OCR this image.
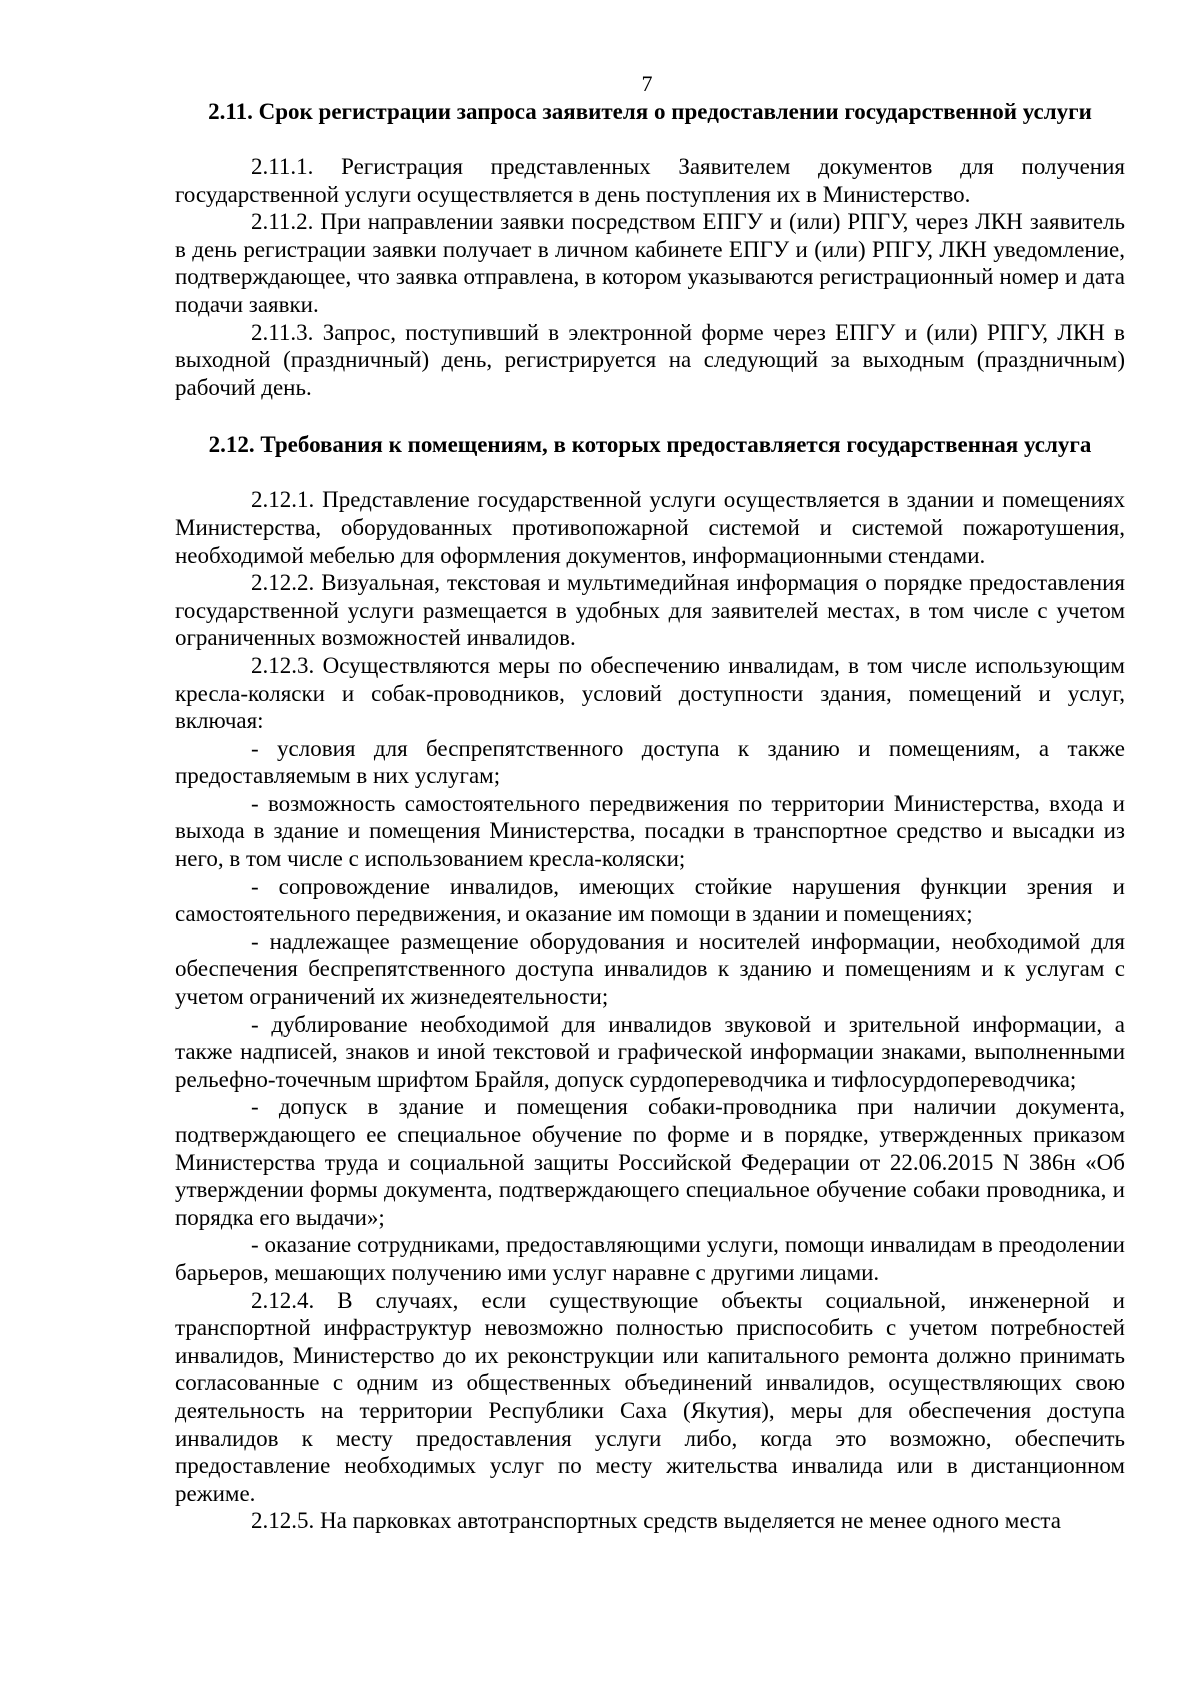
7
2.11. Срок регистрации запроса заявителя о предоставлении государственной услуги

2.11.1. Регистрация представленных Заявителем документов для получения государственной услуги осуществляется в день поступления их в Министерство.

2.11.2. При направлении заявки посредством ЕПГУ и (или) РПГУ, через ЛКН заявитель в день регистрации заявки получает в личном кабинете ЕПГУ и (или) РПГУ, ЛКН уведомление, подтверждающее, что заявка отправлена, в котором указываются регистрационный номер и дата подачи заявки.

2.11.3. Запрос, поступивший в электронной форме через ЕПГУ и (или) РПГУ, ЛКН в выходной (праздничный) день, регистрируется на следующий за выходным (праздничным) рабочий день.

2.12. Требования к помещениям, в которых предоставляется государственная услуга

2.12.1. Представление государственной услуги осуществляется в здании и помещениях Министерства, оборудованных противопожарной системой и системой пожаротушения, необходимой мебелью для оформления документов, информационными стендами.

2.12.2. Визуальная, текстовая и мультимедийная информация о порядке предоставления государственной услуги размещается в удобных для заявителей местах, в том числе с учетом ограниченных возможностей инвалидов.

2.12.3. Осуществляются меры по обеспечению инвалидам, в том числе использующим кресла-коляски и собак-проводников, условий доступности здания, помещений и услуг, включая:

- условия для беспрепятственного доступа к зданию и помещениям, а также предоставляемым в них услугам;

- возможность самостоятельного передвижения по территории Министерства, входа и выхода в здание и помещения Министерства, посадки в транспортное средство и высадки из него, в том числе с использованием кресла-коляски;

- сопровождение инвалидов, имеющих стойкие нарушения функции зрения и самостоятельного передвижения, и оказание им помощи в здании и помещениях;

- надлежащее размещение оборудования и носителей информации, необходимой для обеспечения беспрепятственного доступа инвалидов к зданию и помещениям и к услугам с учетом ограничений их жизнедеятельности;

- дублирование необходимой для инвалидов звуковой и зрительной информации, а также надписей, знаков и иной текстовой и графической информации знаками, выполненными рельефно-точечным шрифтом Брайля, допуск сурдопереводчика и тифлосурдопереводчика;

- допуск в здание и помещения собаки-проводника при наличии документа, подтверждающего ее специальное обучение по форме и в порядке, утвержденных приказом Министерства труда и социальной защиты Российской Федерации от 22.06.2015 N 386н «Об утверждении формы документа, подтверждающего специальное обучение собаки проводника, и порядка его выдачи»;

- оказание сотрудниками, предоставляющими услуги, помощи инвалидам в преодолении барьеров, мешающих получению ими услуг наравне с другими лицами.

2.12.4. В случаях, если существующие объекты социальной, инженерной и транспортной инфраструктур невозможно полностью приспособить с учетом потребностей инвалидов, Министерство до их реконструкции или капитального ремонта должно принимать согласованные с одним из общественных объединений инвалидов, осуществляющих свою деятельность на территории Республики Саха (Якутия), меры для обеспечения доступа инвалидов к месту предоставления услуги либо, когда это возможно, обеспечить предоставление необходимых услуг по месту жительства инвалида или в дистанционном режиме.

2.12.5. На парковках автотранспортных средств выделяется не менее одного места
